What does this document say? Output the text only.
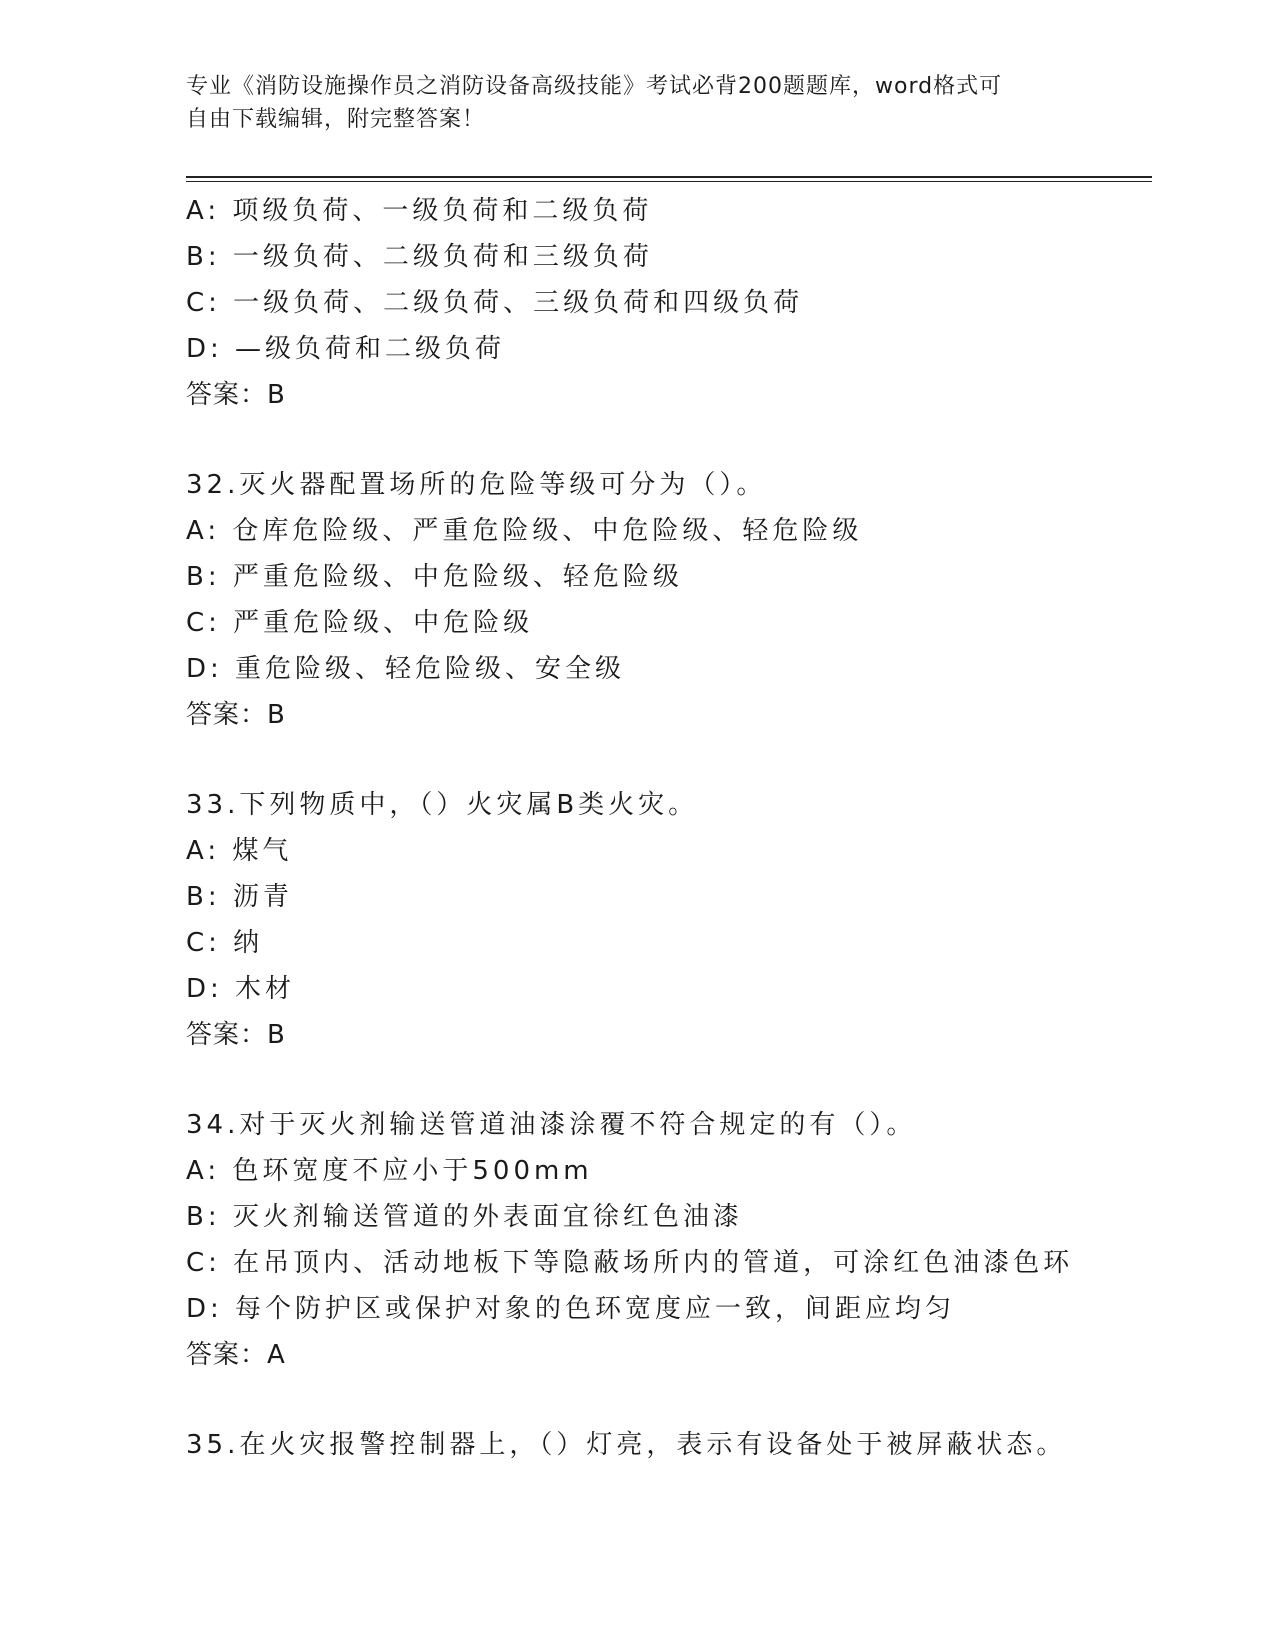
专业《消防设施操作员之消防设备高级技能》考试必背200题题库，word格式可
自由下载编辑，附完整答案！
A: 项级负荷、一级负荷和二级负荷
B: 一级负荷、二级负荷和三级负荷
C: 一级负荷、二级负荷、三级负荷和四级负荷
D: —级负荷和二级负荷
答案：B
32.灭火器配置场所的危险等级可分为（）。
A: 仓库危险级、严重危险级、中危险级、轻危险级
B: 严重危险级、中危险级、轻危险级
C: 严重危险级、中危险级
D: 重危险级、轻危险级、安全级
答案：B
33.下列物质中，（）火灾属B类火灾。
A: 煤气
B: 沥青
C: 纳
D: 木材
答案：B
34.对于灭火剂输送管道油漆涂覆不符合规定的有（）。
A: 色环宽度不应小于500mm
B: 灭火剂输送管道的外表面宜徐红色油漆
C: 在吊顶内、活动地板下等隐蔽场所内的管道，可涂红色油漆色环
D: 每个防护区或保护对象的色环宽度应一致，间距应均匀
答案：A
35.在火灾报警控制器上，（）灯亮，表示有设备处于被屏蔽状态。
